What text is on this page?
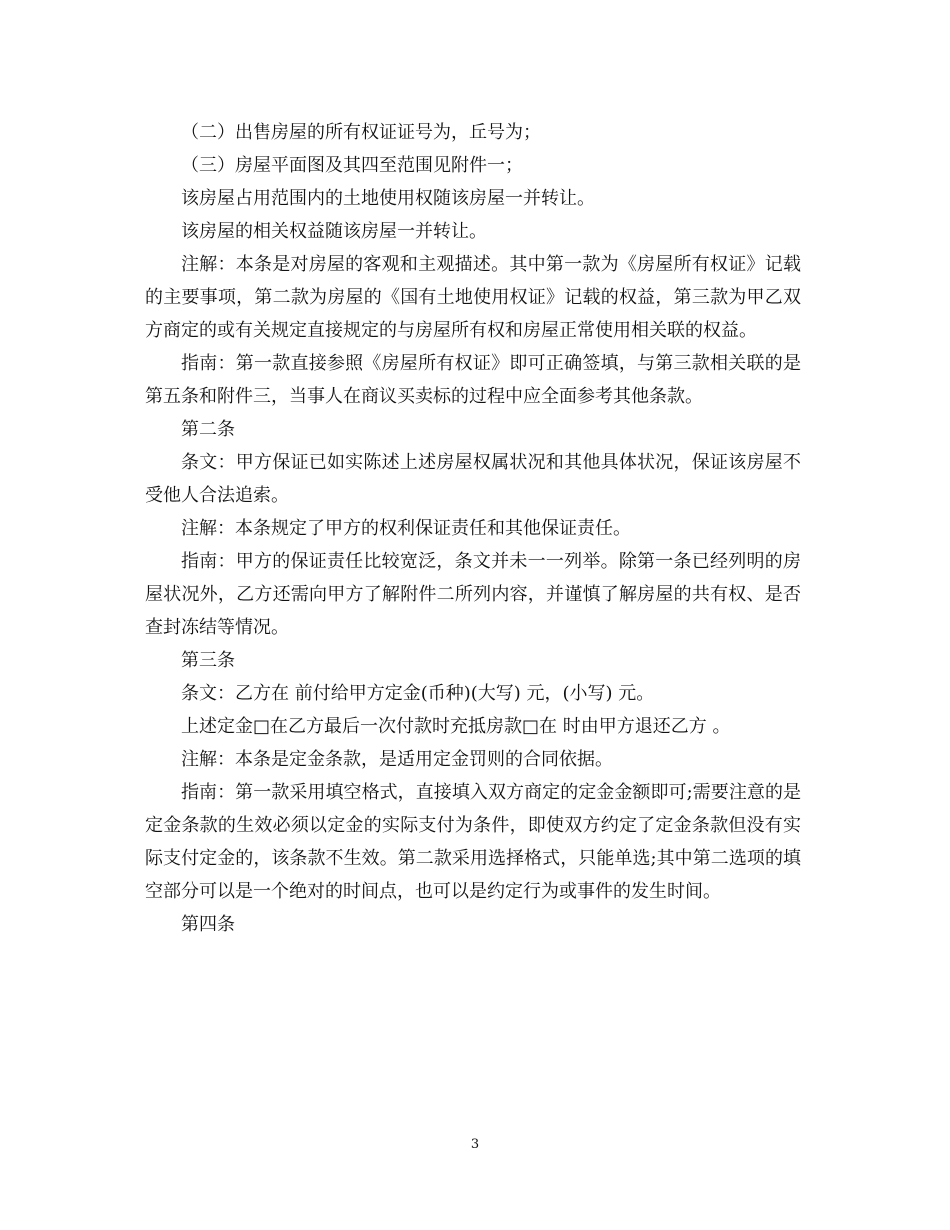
（二）出售房屋的所有权证证号为，丘号为；

（三）房屋平面图及其四至范围见附件一；

该房屋占用范围内的土地使用权随该房屋一并转让。

该房屋的相关权益随该房屋一并转让。

注解：本条是对房屋的客观和主观描述。其中第一款为《房屋所有权证》记载的主要事项，第二款为房屋的《国有土地使用权证》记载的权益，第三款为甲乙双方商定的或有关规定直接规定的与房屋所有权和房屋正常使用相关联的权益。

指南：第一款直接参照《房屋所有权证》即可正确签填，与第三款相关联的是第五条和附件三，当事人在商议买卖标的过程中应全面参考其他条款。

第二条

条文：甲方保证已如实陈述上述房屋权属状况和其他具体状况，保证该房屋不受他人合法追索。

注解：本条规定了甲方的权利保证责任和其他保证责任。

指南：甲方的保证责任比较宽泛，条文并未一一列举。除第一条已经列明的房屋状况外，乙方还需向甲方了解附件二所列内容，并谨慎了解房屋的共有权、是否查封冻结等情况。

第三条

条文：乙方在 前付给甲方定金(币种)(大写) 元，(小写) 元。

上述定金□在乙方最后一次付款时充抵房款□在 时由甲方退还乙方 。

注解：本条是定金条款，是适用定金罚则的合同依据。

指南：第一款采用填空格式，直接填入双方商定的定金金额即可;需要注意的是定金条款的生效必须以定金的实际支付为条件，即使双方约定了定金条款但没有实际支付定金的，该条款不生效。第二款采用选择格式，只能单选;其中第二选项的填空部分可以是一个绝对的时间点，也可以是约定行为或事件的发生时间。

第四条

3
